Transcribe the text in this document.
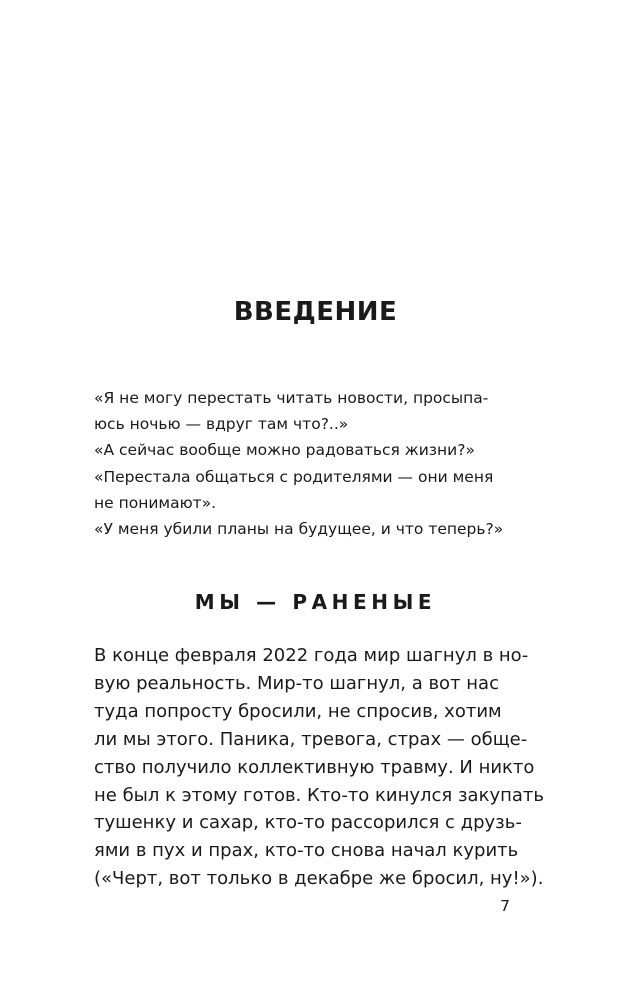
ВВЕДЕНИЕ
«Я не могу перестать читать новости, просыпа-
юсь ночью — вдруг там что?..»
«А сейчас вообще можно радоваться жизни?»
«Перестала общаться с родителями — они меня
не понимают».
«У меня убили планы на будущее, и что теперь?»
МЫ — РАНЕНЫЕ
В конце февраля 2022 года мир шагнул в но-
вую реальность. Мир-то шагнул, а вот нас
туда попросту бросили, не спросив, хотим
ли мы этого. Паника, тревога, страх — обще-
ство получило коллективную травму. И никто
не был к этому готов. Кто-то кинулся закупать
тушенку и сахар, кто-то рассорился с друзь-
ями в пух и прах, кто-то снова начал курить
(«Черт, вот только в декабре же бросил, ну!»).
7
